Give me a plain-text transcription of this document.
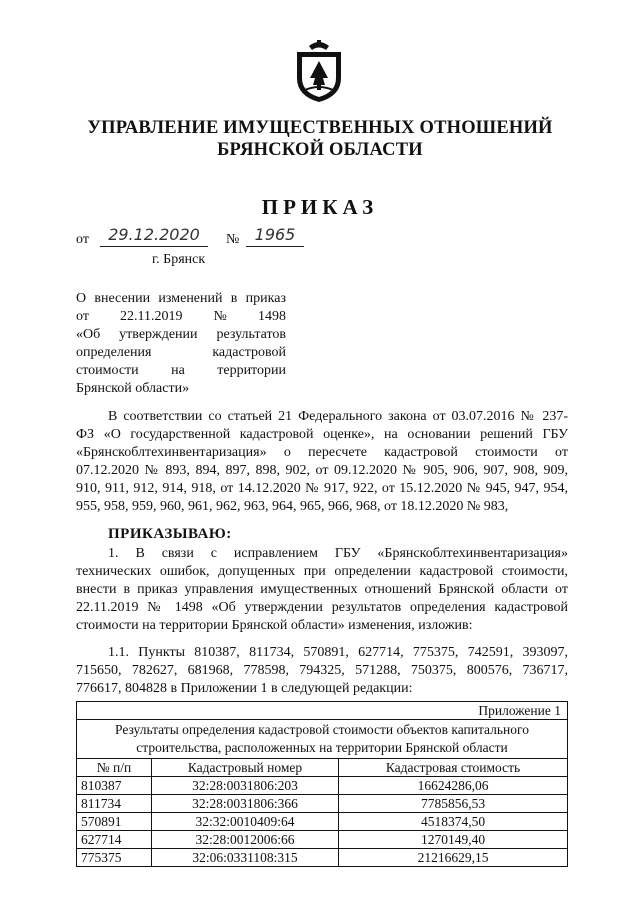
УПРАВЛЕНИЕ ИМУЩЕСТВЕННЫХ ОТНОШЕНИЙ
БРЯНСКОЙ ОБЛАСТИ
ПРИКАЗ
от	29.12.2020	№ 1965
г. Брянск
О внесении изменений в приказ
от 22.11.2019 № 1498
«Об утверждении результатов
определения	кадастровой
стоимости на территории
Брянской области»
В соответствии со статьей 21 Федерального закона от 03.07.2016 № 237-
ФЗ «О государственной кадастровой оценке», на основании решений ГБУ
«Брянскоблтехинвентаризация» о пересчете кадастровой стоимости от
07.12.2020 № 893, 894, 897, 898, 902, от 09.12.2020 № 905, 906, 907, 908, 909,
910, 911, 912, 914, 918, от 14.12.2020 № 917, 922, от 15.12.2020 № 945, 947, 954,
955, 958, 959, 960, 961, 962, 963, 964, 965, 966, 968, от 18.12.2020 № 983,
ПРИКАЗЫВАЮ:
1. В связи с исправлением ГБУ «Брянскоблтехинвентаризация»
технических ошибок, допущенных при определении кадастровой стоимости,
внести в приказ управления имущественных отношений Брянской области от
22.11.2019 № 1498 «Об утверждении результатов определения кадастровой
стоимости на территории Брянской области» изменения, изложив:
1.1. Пункты 810387, 811734, 570891, 627714, 775375, 742591, 393097,
715650, 782627, 681968, 778598, 794325, 571288, 750375, 800576, 736717,
776617, 804828 в Приложении 1 в следующей редакции:
Приложение 1		

Результаты определения кадастровой стоимости объектов капитального
строительства, расположенных на территории Брянской области		

№ п/п	Кадастровый номер	Кадастровая стоимость
810387	32:28:0031806:203	16624286,06
811734	32:28:0031806:366	7785856,53
570891	32:32:0010409:64	4518374,50
627714	32:28:0012006:66	1270149,40
775375	32:06:0331108:315	21216629,15
